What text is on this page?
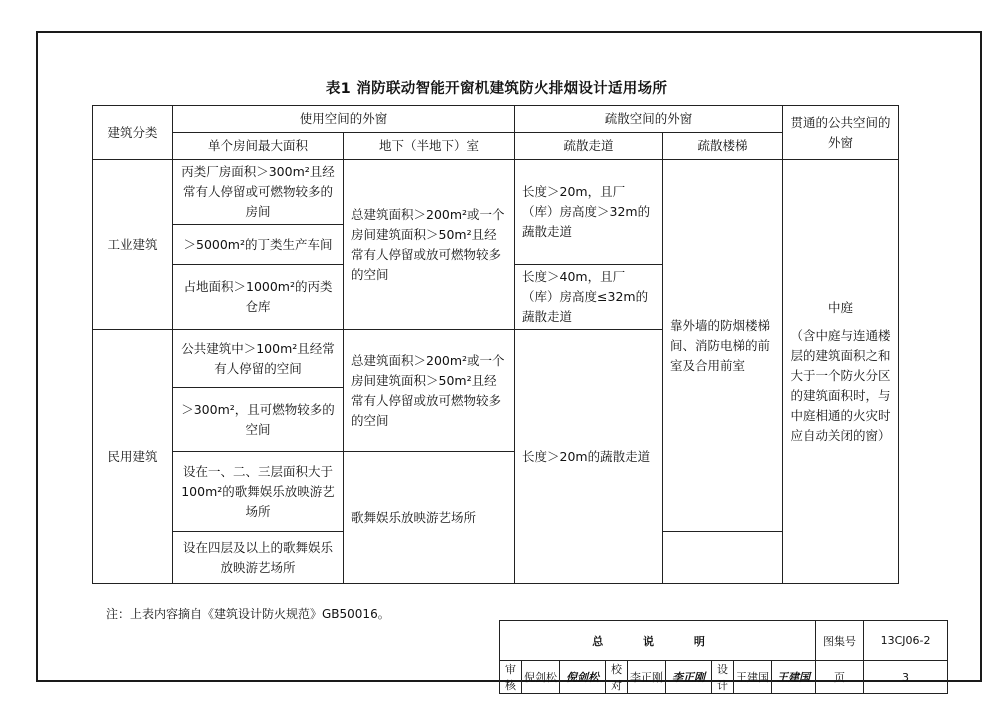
表1 消防联动智能开窗机建筑防火排烟设计适用场所
建筑分类	使用空间的外窗		疏散空间的外窗		贯通的公共空间的外窗
	单个房间最大面积	地下（半地下）室	疏散走道	疏散楼梯	
工业建筑	丙类厂房面积＞300m²且经常有人停留或可燃物较多的房间	总建筑面积＞200m²或一个房间建筑面积＞50m²且经常有人停留或放可燃物较多的空间	长度＞20m，且厂（库）房高度＞32m的蔬散走道	靠外墙的防烟楼梯间、消防电梯的前室及合用前室	中庭
（含中庭与连通楼层的建筑面积之和大于一个防火分区的建筑面积时，与中庭相通的火灾时应自动关闭的窗）

	＞5000m²的丁类生产车间				
	占地面积＞1000m²的丙类仓库		长度＞40m，且厂（库）房高度≤32m的蔬散走道		
民用建筑	公共建筑中＞100m²且经常有人停留的空间	总建筑面积＞200m²或一个房间建筑面积＞50m²且经常有人停留或放可燃物较多的空间	长度＞20m的蔬散走道		
	＞300m²，且可燃物较多的空间				
	设在一、二、三层面积大于100m²的歌舞娱乐放映游艺场所	歌舞娱乐放映游艺场所			
	设在四层及以上的歌舞娱乐放映游艺场所				
注：上表内容摘自《建筑设计防火规范》GB50016。
总 说 明									图集号	13CJ06-2
审核	倪剑松	倪剑松	校对	李正刚	李正刚	设计	王建国	王建国	页	3
